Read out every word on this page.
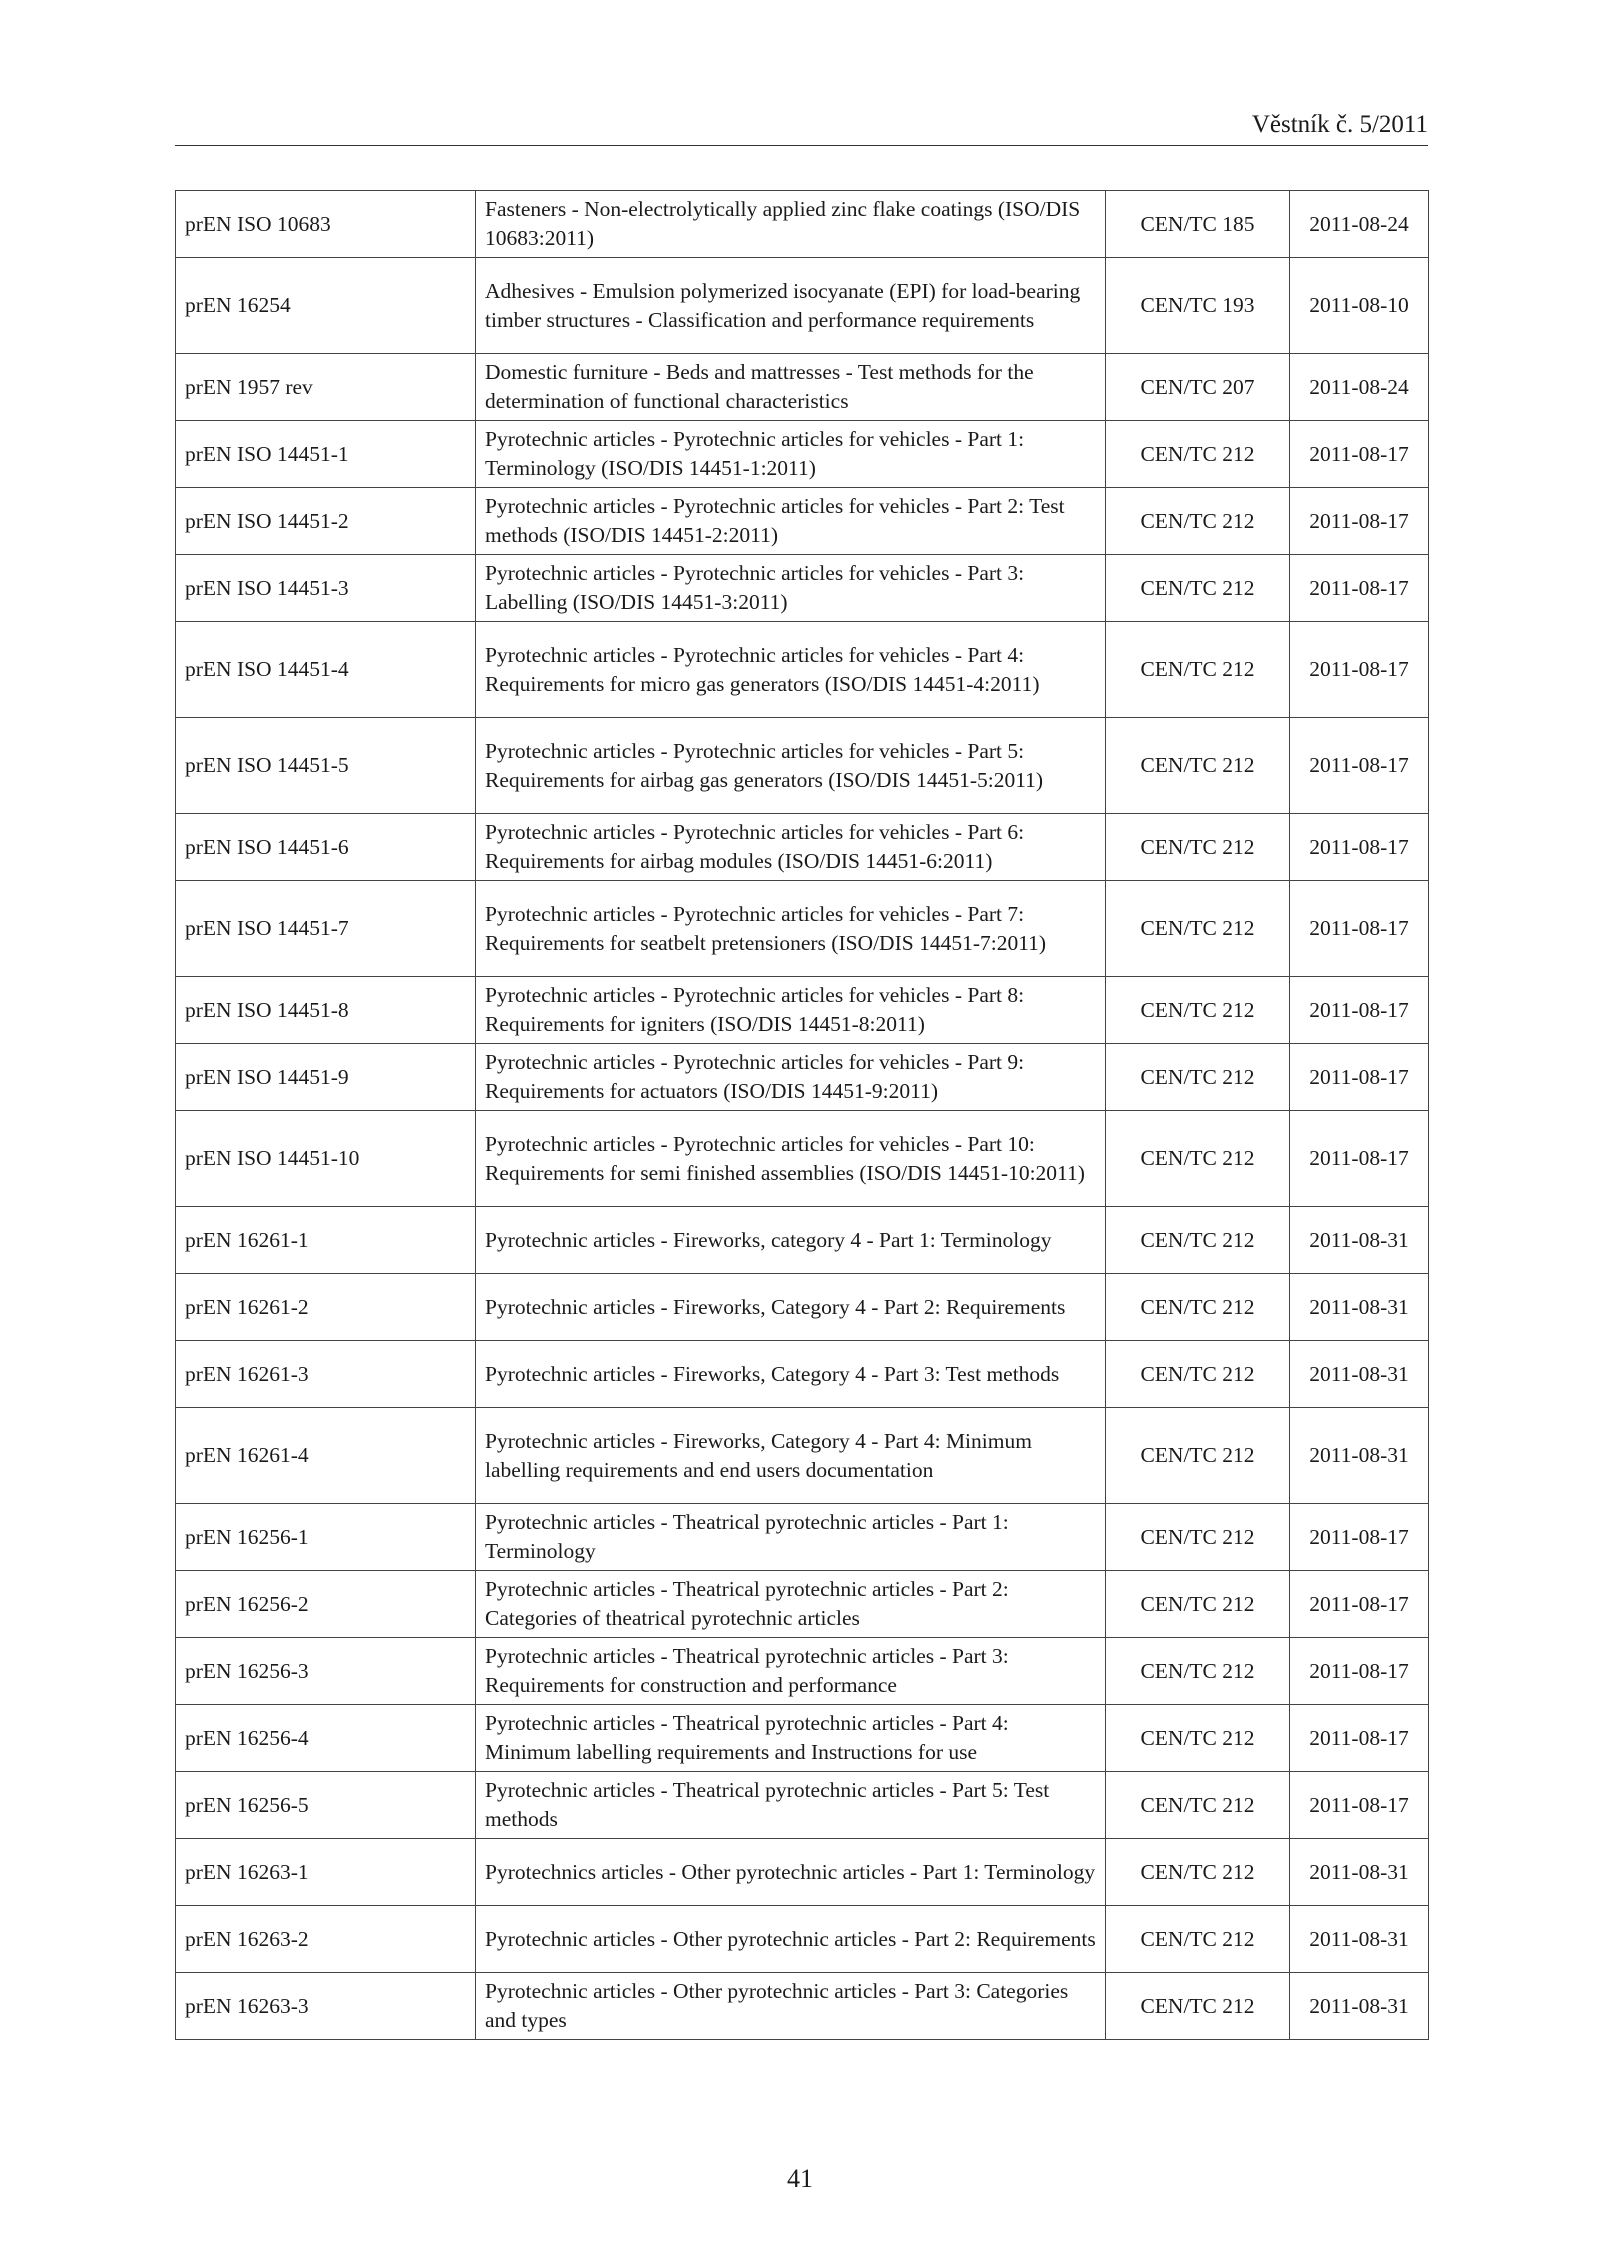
Věstník č. 5/2011
prEN ISO 10683	Fasteners - Non-electrolytically applied zinc flake coatings (ISO/DIS 10683:2011)	CEN/TC 185	2011-08-24
prEN 16254	Adhesives - Emulsion polymerized isocyanate (EPI) for load-bearing timber structures - Classification and performance requirements	CEN/TC 193	2011-08-10
prEN 1957 rev	Domestic furniture - Beds and mattresses - Test methods for the determination of functional characteristics	CEN/TC 207	2011-08-24
prEN ISO 14451-1	Pyrotechnic articles - Pyrotechnic articles for vehicles - Part 1: Terminology (ISO/DIS 14451-1:2011)	CEN/TC 212	2011-08-17
prEN ISO 14451-2	Pyrotechnic articles - Pyrotechnic articles for vehicles - Part 2: Test methods (ISO/DIS 14451-2:2011)	CEN/TC 212	2011-08-17
prEN ISO 14451-3	Pyrotechnic articles - Pyrotechnic articles for vehicles - Part 3: Labelling (ISO/DIS 14451-3:2011)	CEN/TC 212	2011-08-17
prEN ISO 14451-4	Pyrotechnic articles - Pyrotechnic articles for vehicles - Part 4: Requirements for micro gas generators (ISO/DIS 14451-4:2011)	CEN/TC 212	2011-08-17
prEN ISO 14451-5	Pyrotechnic articles - Pyrotechnic articles for vehicles - Part 5: Requirements for airbag gas generators (ISO/DIS 14451-5:2011)	CEN/TC 212	2011-08-17
prEN ISO 14451-6	Pyrotechnic articles - Pyrotechnic articles for vehicles - Part 6: Requirements for airbag modules (ISO/DIS 14451-6:2011)	CEN/TC 212	2011-08-17
prEN ISO 14451-7	Pyrotechnic articles - Pyrotechnic articles for vehicles - Part 7: Requirements for seatbelt pretensioners (ISO/DIS 14451-7:2011)	CEN/TC 212	2011-08-17
prEN ISO 14451-8	Pyrotechnic articles - Pyrotechnic articles for vehicles - Part 8: Requirements for igniters (ISO/DIS 14451-8:2011)	CEN/TC 212	2011-08-17
prEN ISO 14451-9	Pyrotechnic articles - Pyrotechnic articles for vehicles - Part 9: Requirements for actuators (ISO/DIS 14451-9:2011)	CEN/TC 212	2011-08-17
prEN ISO 14451-10	Pyrotechnic articles - Pyrotechnic articles for vehicles - Part 10: Requirements for semi finished assemblies (ISO/DIS 14451-10:2011)	CEN/TC 212	2011-08-17
prEN 16261-1	Pyrotechnic articles - Fireworks, category 4 - Part 1: Terminology	CEN/TC 212	2011-08-31
prEN 16261-2	Pyrotechnic articles - Fireworks, Category 4 - Part 2: Requirements	CEN/TC 212	2011-08-31
prEN 16261-3	Pyrotechnic articles - Fireworks, Category 4 - Part 3: Test methods	CEN/TC 212	2011-08-31
prEN 16261-4	Pyrotechnic articles - Fireworks, Category 4 - Part 4: Minimum labelling requirements and end users documentation	CEN/TC 212	2011-08-31
prEN 16256-1	Pyrotechnic articles - Theatrical pyrotechnic articles - Part 1: Terminology	CEN/TC 212	2011-08-17
prEN 16256-2	Pyrotechnic articles - Theatrical pyrotechnic articles - Part 2: Categories of theatrical pyrotechnic articles	CEN/TC 212	2011-08-17
prEN 16256-3	Pyrotechnic articles - Theatrical pyrotechnic articles - Part 3: Requirements for construction and performance	CEN/TC 212	2011-08-17
prEN 16256-4	Pyrotechnic articles - Theatrical pyrotechnic articles - Part 4: Minimum labelling requirements and Instructions for use	CEN/TC 212	2011-08-17
prEN 16256-5	Pyrotechnic articles - Theatrical pyrotechnic articles - Part 5: Test methods	CEN/TC 212	2011-08-17
prEN 16263-1	Pyrotechnics articles - Other pyrotechnic articles - Part 1: Terminology	CEN/TC 212	2011-08-31
prEN 16263-2	Pyrotechnic articles - Other pyrotechnic articles - Part 2: Requirements	CEN/TC 212	2011-08-31
prEN 16263-3	Pyrotechnic articles - Other pyrotechnic articles - Part 3: Categories and types	CEN/TC 212	2011-08-31
41
